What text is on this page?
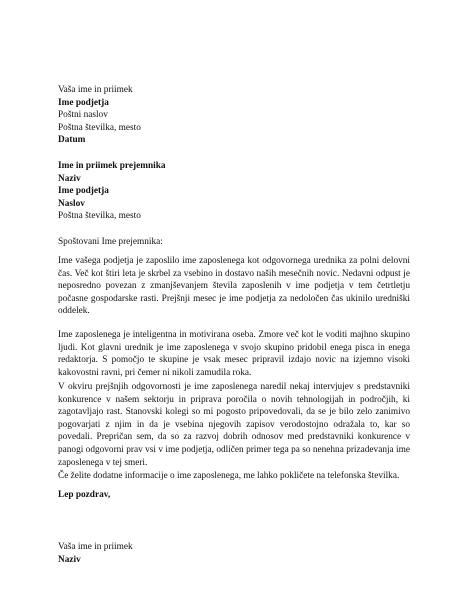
Vaša ime in priimek
Ime podjetja
Poštni naslov
Poštna številka, mesto
Datum
Ime in priimek prejemnika
Naziv
Ime podjetja
Naslov
Poštna številka, mesto
Spoštovani Ime prejemnika:

Ime vašega podjetja je zaposlilo ime zaposlenega kot odgovornega urednika za polni delovni čas. Več kot štiri leta je skrbel za vsebino in dostavo naših mesečnih novic. Nedavni odpust je neposredno povezan z zmanjševanjem števila zaposlenih v ime podjetja v tem četrtletju počasne gospodarske rasti. Prejšnji mesec je ime podjetja za nedoločen čas ukinilo uredniški oddelek.

Ime zaposlenega je inteligentna in motivirana oseba. Zmore več kot le voditi majhno skupino ljudi. Kot glavni urednik je ime zaposlenega v svojo skupino pridobil enega pisca in enega redaktorja. S pomočjo te skupine je vsak mesec pripravil izdajo novic na izjemno visoki kakovostni ravni, pri čemer ni nikoli zamudila roka.

V okviru prejšnjih odgovornosti je ime zaposlenega naredil nekaj intervjujev s predstavniki konkurence v našem sektorju in priprava poročila o novih tehnologijah in področjih, ki zagotavljajo rast. Stanovski kolegi so mi pogosto pripovedovali, da se je bilo zelo zanimivo pogovarjati z njim in da je vsebina njegovih zapisov verodostojno odražala to, kar so povedali. Prepričan sem, da so za razvoj dobrih odnosov med predstavniki konkurence v panogi odgovorni prav vsi v ime podjetja, odličen primer tega pa so nenehna prizadevanja ime zaposlenega v tej smeri.

Če želite dodatne informacije o ime zaposlenega, me lahko pokličete na telefonska številka.

Lep pozdrav,
Vaša ime in priimek
Naziv
